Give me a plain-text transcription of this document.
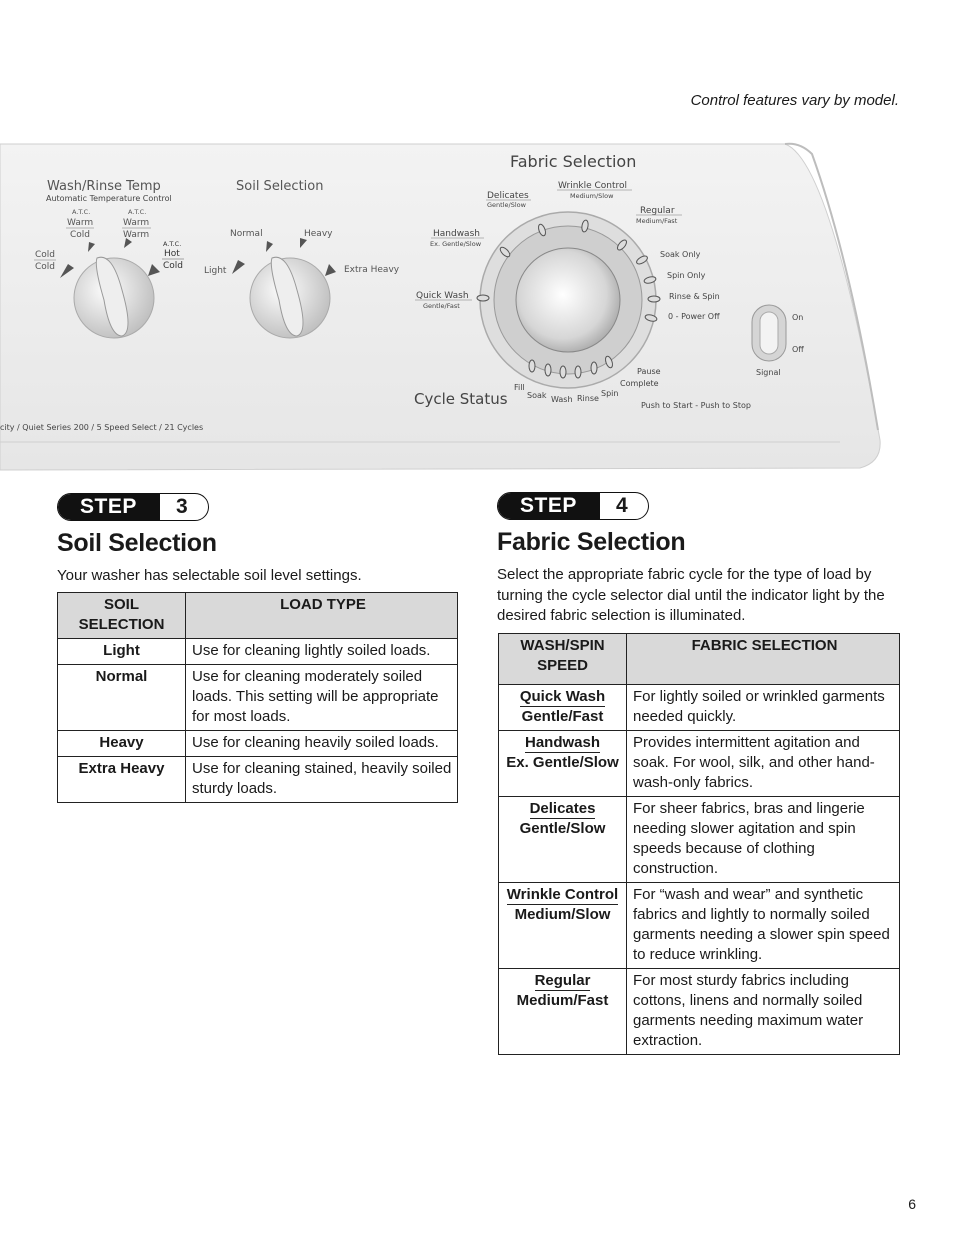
Control features vary by model.
Wash/Rinse Temp
Automatic Temperature Control
A.T.C.
Warm
Cold
A.T.C.
Warm
Warm
Cold
Cold
A.T.C.
Hot
Cold
Soil Selection
Normal	Heavy
Light	Extra Heavy
Fabric Selection
Delicates
Gentle/Slow
Wrinkle Control
Medium/Slow
Regular
Medium/Fast
Handwash
Ex. Gentle/Slow
Quick Wash
Gentle/Fast
Soak Only
Spin Only
Rinse & Spin
0 - Power Off
Cycle Status
Fill
Soak Wash Rinse
Spin
Complete
Pause
Push to Start - Push to Stop
On
Off
Signal
city / Quiet Series 200 / 5 Speed Select / 21 Cycles
STEP 3
Soil Selection

Your washer has selectable soil level settings.

SOIL SELECTION	LOAD TYPE
Light	Use for cleaning lightly soiled loads.
Normal	Use for cleaning moderately soiled loads. This setting will be appropriate for most loads.
Heavy	Use for cleaning heavily soiled loads.
Extra Heavy	Use for cleaning stained, heavily soiled sturdy loads.
STEP 4
Fabric Selection

Select the appropriate fabric cycle for the type of load by turning the cycle selector dial until the indicator light by the desired fabric selection is illuminated.

WASH/SPIN SPEED	FABRIC SELECTION
Quick Wash
Gentle/Fast	For lightly soiled or wrinkled garments needed quickly.
Handwash
Ex. Gentle/Slow	Provides intermittent agitation and soak. For wool, silk, and other hand-wash-only fabrics.
Delicates
Gentle/Slow	For sheer fabrics, bras and lingerie needing slower agitation and spin speeds because of clothing construction.
Wrinkle Control
Medium/Slow	For “wash and wear” and synthetic fabrics and lightly to normally soiled garments needing a slower spin speed to reduce wrinkling.
Regular
Medium/Fast	For most sturdy fabrics including cottons, linens and normally soiled garments needing maximum water extraction.
6
